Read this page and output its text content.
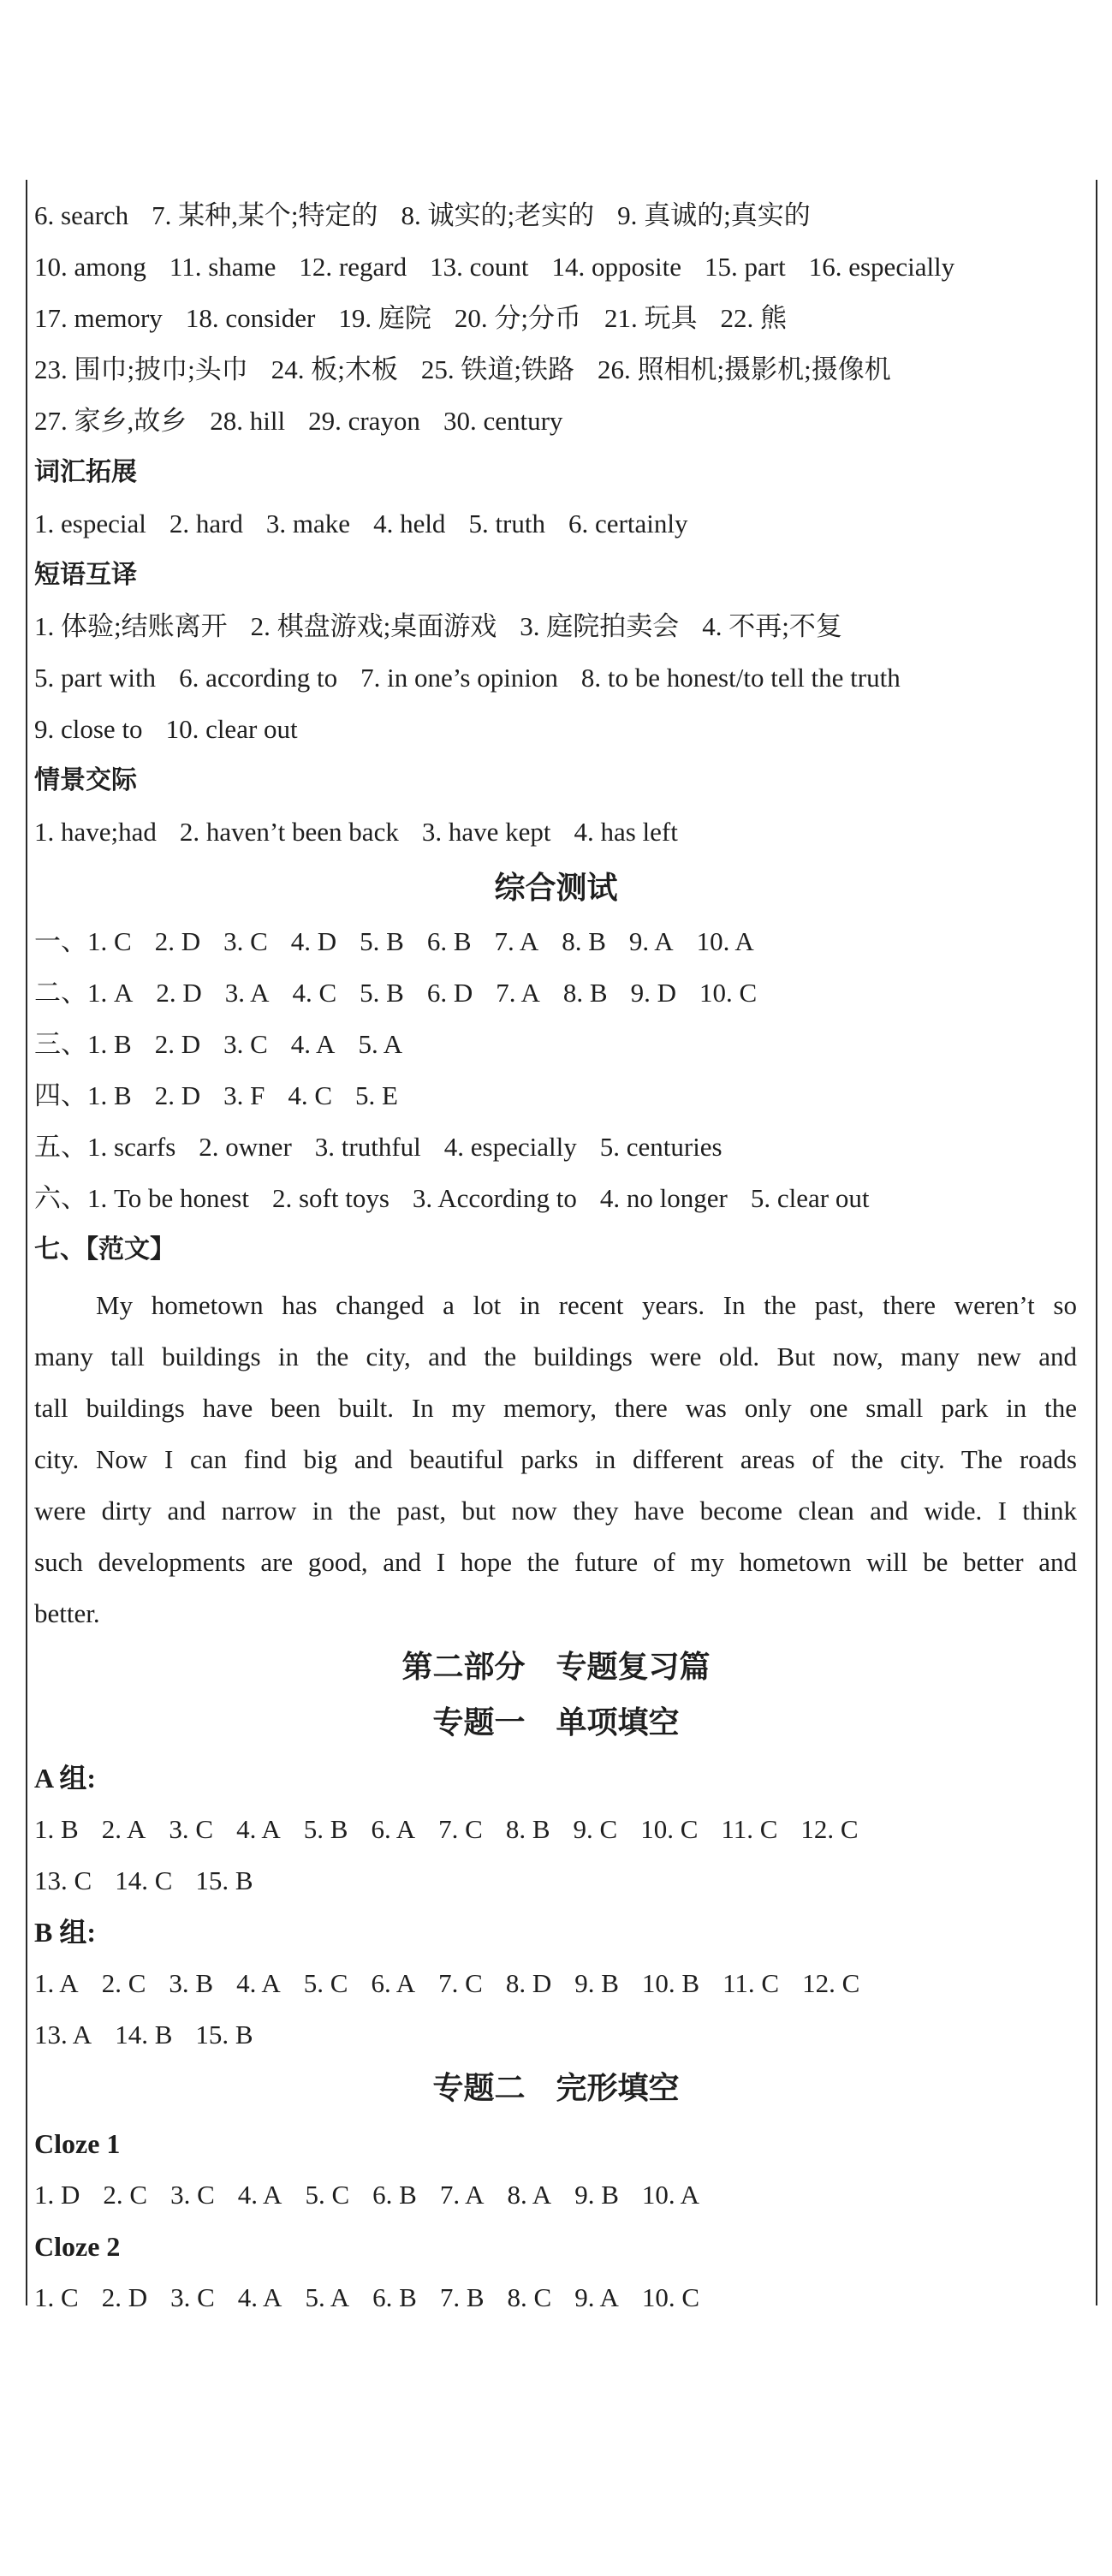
6. search 7. 某种,某个;特定的 8. 诚实的;老实的 9. 真诚的;真实的
10. among 11. shame 12. regard 13. count 14. opposite 15. part 16. especially
17. memory 18. consider 19. 庭院 20. 分;分币 21. 玩具 22. 熊
23. 围巾;披巾;头巾 24. 板;木板 25. 铁道;铁路 26. 照相机;摄影机;摄像机
27. 家乡,故乡 28. hill 29. crayon 30. century
词汇拓展
1. especial 2. hard 3. make 4. held 5. truth 6. certainly
短语互译
1. 体验;结账离开 2. 棋盘游戏;桌面游戏 3. 庭院拍卖会 4. 不再;不复
5. part with 6. according to 7. in one’s opinion 8. to be honest/to tell the truth
9. close to 10. clear out
情景交际
1. have;had 2. haven’t been back 3. have kept 4. has left
综合测试
一、1. C 2. D 3. C 4. D 5. B 6. B 7. A 8. B 9. A 10. A
二、1. A 2. D 3. A 4. C 5. B 6. D 7. A 8. B 9. D 10. C
三、1. B 2. D 3. C 4. A 5. A
四、1. B 2. D 3. F 4. C 5. E
五、1. scarfs 2. owner 3. truthful 4. especially 5. centuries
六、1. To be honest 2. soft toys 3. According to 4. no longer 5. clear out
七、【范文】
My hometown has changed a lot in recent years. In the past, there weren’t so
many tall buildings in the city, and the buildings were old. But now, many new and
tall buildings have been built. In my memory, there was only one small park in the
city. Now I can find big and beautiful parks in different areas of the city. The roads
were dirty and narrow in the past, but now they have become clean and wide. I think
such developments are good, and I hope the future of my hometown will be better and
better.
第二部分　专题复习篇
专题一　单项填空
A 组:
1. B 2. A 3. C 4. A 5. B 6. A 7. C 8. B 9. C 10. C 11. C 12. C
13. C 14. C 15. B
B 组:
1. A 2. C 3. B 4. A 5. C 6. A 7. C 8. D 9. B 10. B 11. C 12. C
13. A 14. B 15. B
专题二　完形填空
Cloze 1
1. D 2. C 3. C 4. A 5. C 6. B 7. A 8. A 9. B 10. A
Cloze 2
1. C 2. D 3. C 4. A 5. A 6. B 7. B 8. C 9. A 10. C
